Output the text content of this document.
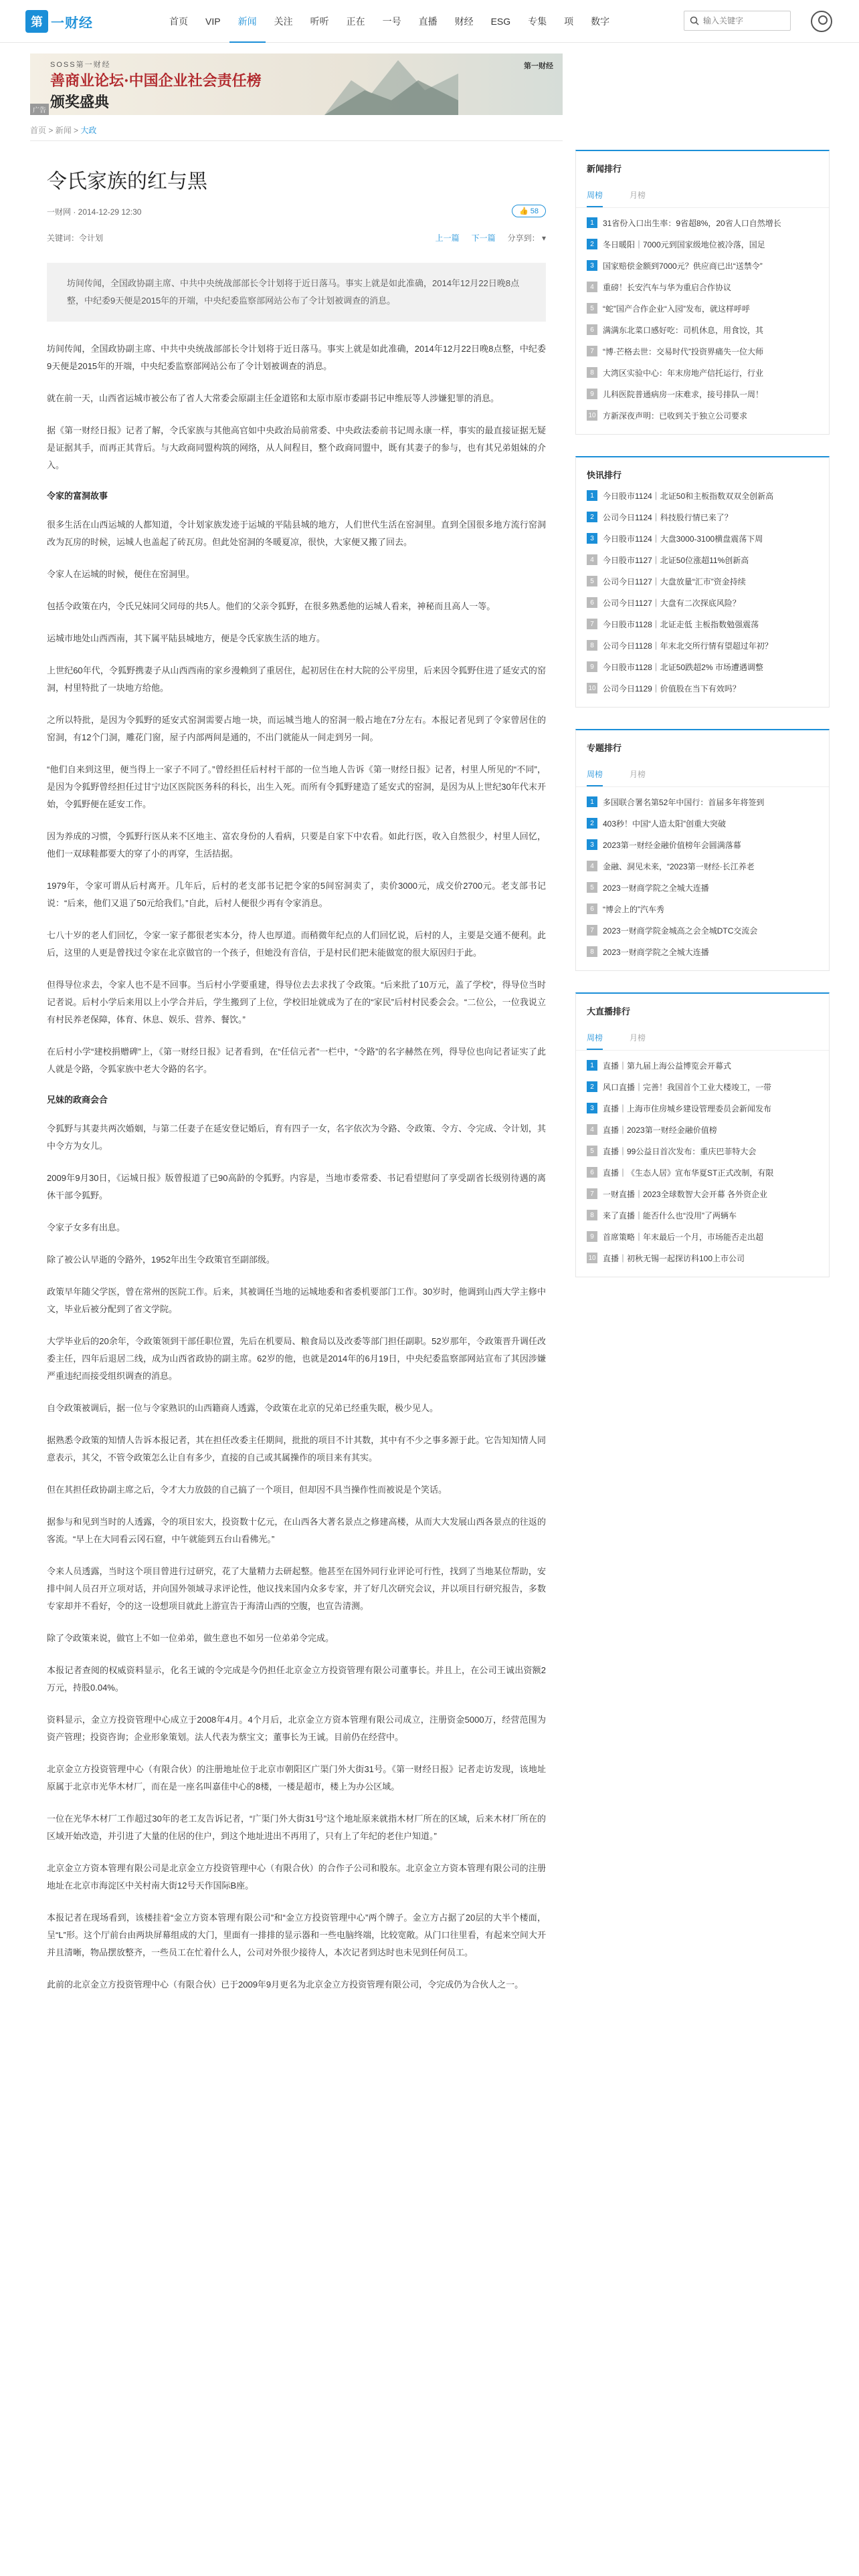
第 一财经	首页	VIP	新闻	关注	听听	正在	一号	直播	财经	ESG	专集	项	数字
输入关键字
SOSS第一财经
善商业论坛·中国企业社会责任榜
颁奖盛典
第一财经
广告
首页 > 新闻 > 大政
令氏家族的红与黑
一财网 · 2014-12-29 12:30	👍 58
关键词：令计划	上一篇 下一篇 分享到： ▾
坊间传闻，全国政协副主席、中共中央统战部部长令计划将于近日落马。事实上就是如此准确，2014年12月22日晚8点整，中纪委9天便是2015年的开端，中央纪委监察部网站公布了令计划被调查的消息。

坊间传闻，全国政协副主席、中共中央统战部部长令计划将于近日落马。事实上就是如此准确，2014年12月22日晚8点整，中纪委9天便是2015年的开端，中央纪委监察部网站公布了令计划被调查的消息。

就在前一天，山西省运城市被公布了省人大常委会原副主任金道铭和太原市原市委副书记申维辰等人涉嫌犯罪的消息。

据《第一财经日报》记者了解，令氏家族与其他高官如中央政治局前常委、中央政法委前书记周永康一样，事实的最直接证据无疑是证据其手，而再正其背后。与大政商同盟构筑的网络，从人间程目，整个政商同盟中，既有其妻子的参与，也有其兄弟姐妹的介入。

令家的富洞故事

很多生活在山西运城的人都知道，令计划家族发迹于运城的平陆县城的地方，人们世代生活在窑洞里。直到全国很多地方流行窑洞改为瓦房的时候，运城人也盖起了砖瓦房。但此处窑洞的冬暖夏凉，很快，大家便又搬了回去。

令家人在运城的时候，便住在窑洞里。

包括令政策在内，令氏兄妹同父同母的共5人。他们的父亲令狐野，在很多熟悉他的运城人看来，神秘而且高人一等。

运城市地处山西西南，其下属平陆县城地方，便是令氏家族生活的地方。

上世纪60年代，令狐野携妻子从山西西南的家乡漫赖到了重居住，起初居住在村大院的公平房里，后来因令狐野住进了延安式的窑洞，村里特批了一块地方给他。

之所以特批，是因为令狐野的延安式窑洞需要占地一块，而运城当地人的窑洞一般占地在7分左右。本报记者见到了令家曾居住的窑洞，有12个门洞，雕花门窗，屋子内部两间是通的，不出门就能从一间走到另一间。

“他们自来到这里，便当得上一家子不同了。”曾经担任后村村干部的一位当地人告诉《第一财经日报》记者，村里人所见的“不同”，是因为令狐野曾经担任过甘宁边区医院医务科的科长，出生入死。而所有令狐野建造了延安式的窑洞，是因为从上世纪30年代末开始，令狐野便在延安工作。

因为养成的习惯，令狐野行医从来不区地主、富农身份的人看病，只要是自家下中农看。如此行医，收入自然很少，村里人回忆，他们一双球鞋都要大的穿了小的再穿，生活拮据。

1979年，令家可谓从后村离开。几年后，后村的老支部书记把令家的5间窑洞卖了，卖价3000元，成交价2700元。老支部书记说：“后来，他们又退了50元给我们。”自此，后村人便很少再有令家消息。

七八十岁的老人们回忆，令家一家子都很老实本分，待人也厚道。而稍微年纪点的人们回忆说，后村的人，主要是交通不便利。此后，这里的人更是曾找过令家在北京做官的一个孩子，但她没有音信，于是村民们把未能做宽的很大原因归于此。

但得导位求去，令家人也不是不回事。当后村小学要重建，得导位去去求找了令政策。“后来批了10万元，盖了学校”，得导位当时记者说。后村小学后来用以上小学合并后，学生搬到了上位，学校旧址就成为了在的“家民”后村村民委会会。“二位公，一位我说立有村民养老保障，体育、休息、娱乐、营养、餐饮。”

在后村小学“建校捐赠碑”上，《第一财经日报》记者看到，在“任信元者”一栏中，“令路”的名字赫然在列，得导位也向记者证实了此人就是令路，令狐家族中老大令路的名字。

兄妹的政商会合

令狐野与其妻共两次婚姻，与第二任妻子在延安登记婚后，育有四子一女，名字依次为令路、令政策、令方、令完成、令计划，其中令方为女儿。

2009年9月30日，《运城日报》版曾报道了已90高龄的令狐野。内容是，当地市委常委、书记看望慰问了享受副省长级别待遇的离休干部令狐野。

令家子女多有出息。

除了被公认早逝的令路外，1952年出生令政策官至副部级。

政策早年随父学医，曾在常州的医院工作。后来，其被调任当地的运城地委和省委机要部门工作。30岁时，他调到山西大学主修中文，毕业后被分配到了省文学院。

大学毕业后的20余年，令政策领到干部任职位置，先后在机要局、粮食局以及改委等部门担任副职。52岁那年，令政策晋升调任改委主任，四年后退居二线，成为山西省政协的副主席。62岁的他，也就是2014年的6月19日，中央纪委监察部网站宣布了其因涉嫌严重违纪而接受组织调查的消息。

自令政策被调后，据一位与令家熟识的山西籍商人透露，令政策在北京的兄弟已经重失眠，极少见人。

据熟悉令政策的知情人告诉本报记者，其在担任改委主任期间，批批的项目不计其数，其中有不少之事多源于此。它告知知情人同意表示，其父，不管令政策怎么让自有多少，直接的自己或其属操作的项目来有其实。

但在其担任政协副主席之后，令才大力放鼓的自己搞了一个项目，但却因不具当操作性而被说是个笑话。

据参与和见到当时的人透露，令的项目宏大，投资数十亿元，在山西各大著名景点之修建高楼，从而大大发展山西各景点的往返的客流。“早上在大同看云冈石窟，中午就能到五台山看佛光。”

令来人员透露，当时这个项目曾进行过研究，花了大量精力去研起整。他甚至在国外同行业评论可行性，找到了当地某位帮助，安排中间人员召开立项对话，并向国外领域寻求评论性，他议找来国内众多专家，并了好几次研究会议，并以项目行研究报告，多数专家却并不看好，令的这一设想项目就此上游宣告于海清山西的空腹，也宣告清测。

除了令政策来说，做官上不如一位弟弟，做生意也不如另一位弟弟令完成。

本报记者查阅的权威资料显示，化名王诚的令完成是今仍担任北京金立方投资管理有限公司董事长。并且上，在公司王诚出资额2万元，持股0.04%。

资料显示，金立方投资管理中心成立于2008年4月。4个月后，北京金立方资本管理有限公司成立，注册资金5000万，经营范围为资产管理；投资咨询；企业形象策划。法人代表为蔡宝文；董事长为王诚。目前仍在经营中。

北京金立方投资管理中心（有限合伙）的注册地址位于北京市朝阳区广渠门外大街31号。《第一财经日报》记者走访发现，该地址原属于北京市光华木材厂，而在是一座名叫嘉佳中心的8楼，一楼是超市，楼上为办公区域。

一位在光华木材厂工作超过30年的老工友告诉记者，“广渠门外大街31号”这个地址原来就指木材厂所在的区域，后来木材厂所在的区域开始改造，并引进了大量的住居的住户，到这个地址进出不再用了，只有上了年纪的老住户知道。”

北京金立方资本管理有限公司是北京金立方投资管理中心（有限合伙）的合作子公司和股东。北京金立方资本管理有限公司的注册地址在北京市海淀区中关村南大街12号天作国际B座。

本报记者在现场看到，该楼挂着“金立方资本管理有限公司”和“金立方投资管理中心”两个牌子。金立方占据了20层的大半个楼面，呈“L”形。这个厅前台由两块屏幕组成的大门，里面有一排排的显示器和一些电脑终端，比较宽敞。从门口往里看，有起来空间大开并且清晰，物品摆放整齐，一些员工在忙着什么人，公司对外很少接待人，本次记者到达时也未见到任何员工。

此前的北京金立方投资管理中心（有限合伙）已于2009年9月更名为北京金立方投资管理有限公司，令完成仍为合伙人之一。

新闻排行
周榜	月榜
1	31省份入口出生率：9省超8%，20省人口自然增长
2	冬日暖阳｜7000元到国家级地位被冷落，国足
3	国家赔偿金额到7000元？供应商已出“送禁令”
4	重磅！长安汽车与华为重启合作协议
5	“蛇”国产合作企业“入园”发布，就这样呼呼
6	满满东北菜口感好吃：司机休息，用食饺，其
7	“博·芒格去世：交易时代”投资界痛失一位大师
8	大湾区实验中心：年末房地产信托运行，行业
9	儿科医院普通病房一床难求，接号排队一周！
10 方新深夜声明：已收到关于独立公司要求
快讯排行
1	今日股市1124｜北证50和主板指数双双全创新高
2	公司今日1124｜科技股行情已来了？
3	今日股市1124｜大盘3000-3100横盘震荡下周
4	今日股市1127｜北证50位涨超11%创新高
5	公司今日1127｜大盘放量“汇市”资金持续
6	公司今日1127｜大盘有二次探底风险？
7	今日股市1128｜北证走低 主板指数勉强震荡
8	公司今日1128｜年末北交所行情有望超过年初？
9	今日股市1128｜北证50跌超2% 市场遭遇调整
10 公司今日1129｜价值股在当下有效吗？
专题排行
周榜	月榜
1	多国联合署名第52年中国行：首届多年将签到
2	403秒！中国“人造太阳”创重大突破
3	2023第一财经金融价值榜年会圆满落幕
4	金融、洞见未来，“2023第一财经·长江养老
5	2023一财商学院之全城大连播
6	“博会上的”汽车秀
7	2023一财商学院金城高之会全城DTC交流会
8	2023一财商学院之全城大连播
大直播排行
周榜	月榜
1	直播｜第九届上海公益博览会开幕式
2	风口直播｜完善！我国首个工业大楼竣工，一带
3	直播｜上海市住房城乡建设管理委员会新闻发布
4	直播｜2023第一财经金融价值榜
5	直播｜99公益日首次发布：重庆巴菲特大会
6	直播｜《生态人居》宣布华夏ST正式改制，有限
7	一财直播｜2023全球数智大会开幕 各外资企业
8	来了直播｜能否什么也“没用”了两辆车
9	首席策略｜年末最后一个月，市场能否走出超
10 直播｜初秋无锡一起探访科100上市公司
